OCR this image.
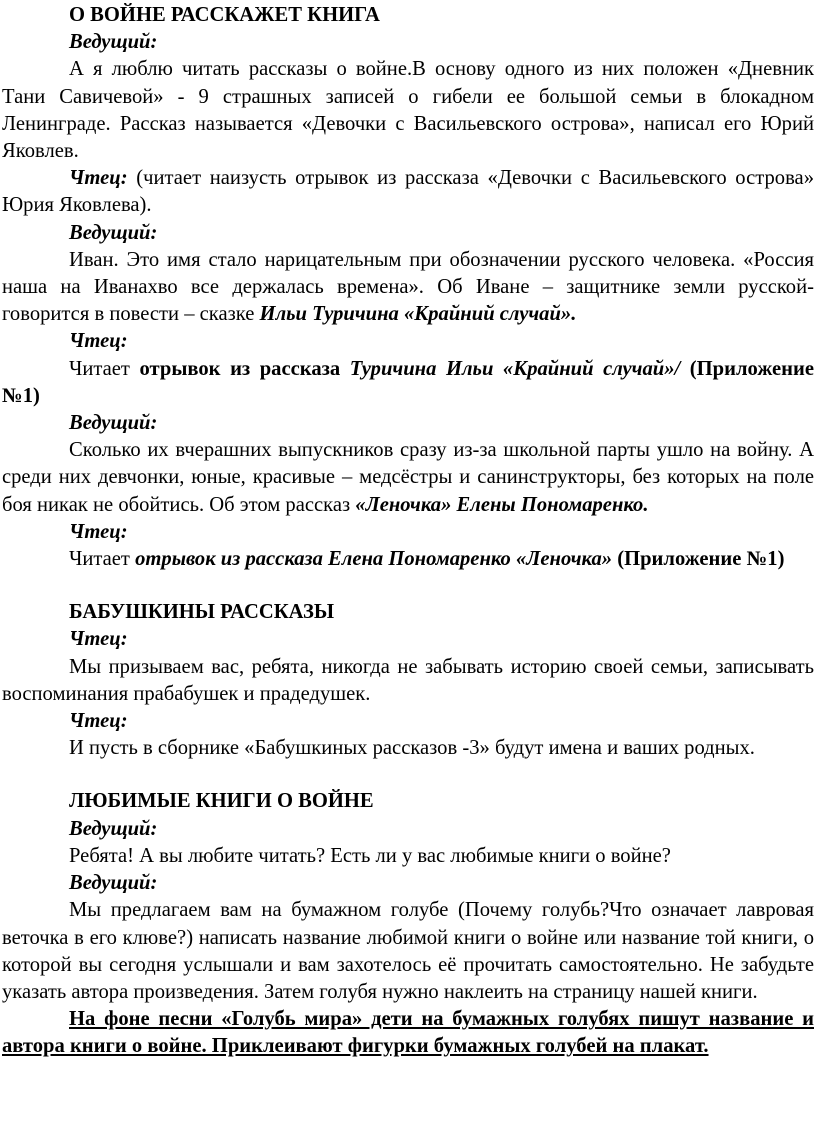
О ВОЙНЕ РАССКАЖЕТ КНИГА
Ведущий:
А я люблю читать рассказы о войне.В основу одного из них положен «Дневник Тани Савичевой» - 9 страшных записей о гибели ее большой семьи в блокадном Ленинграде. Рассказ называется «Девочки с Васильевского острова», написал его Юрий Яковлев.
Чтец: (читает наизусть отрывок из рассказа «Девочки с Васильевского острова» Юрия Яковлева).
Ведущий:
Иван. Это имя стало нарицательным при обозначении русского человека. «Россия наша на Иванахво все держалась времена». Об Иване – защитнике земли русской- говорится в повести – сказке Ильи Туричина «Крайний случай».
Чтец:
Читает отрывок из рассказа Туричина Ильи «Крайний случай»/ (Приложение №1)
Ведущий:
Сколько их вчерашних выпускников сразу из-за школьной парты ушло на войну. А среди них девчонки, юные, красивые – медсёстры и санинструкторы, без которых на поле боя никак не обойтись. Об этом рассказ «Леночка» Елены Пономаренко.
Чтец:
Читает отрывок из рассказа Елена Пономаренко «Леночка» (Приложение №1)
БАБУШКИНЫ РАССКАЗЫ
Чтец:
Мы призываем вас, ребята, никогда не забывать историю своей семьи, записывать воспоминания прабабушек и прадедушек.
Чтец:
И пусть в сборнике «Бабушкиных рассказов -3» будут имена и ваших родных.
ЛЮБИМЫЕ КНИГИ О ВОЙНЕ
Ведущий:
Ребята! А вы любите читать? Есть ли у вас любимые книги о войне?
Ведущий:
Мы предлагаем вам на бумажном голубе (Почему голубь?Что означает лавровая веточка в его клюве?) написать название любимой книги о войне или название той книги, о которой вы сегодня услышали и вам захотелось её прочитать самостоятельно. Не забудьте указать автора произведения. Затем голубя нужно наклеить на страницу нашей книги.
На фоне песни «Голубь мира» дети на бумажных голубях пишут название и автора книги о войне. Приклеивают фигурки бумажных голубей на плакат.
